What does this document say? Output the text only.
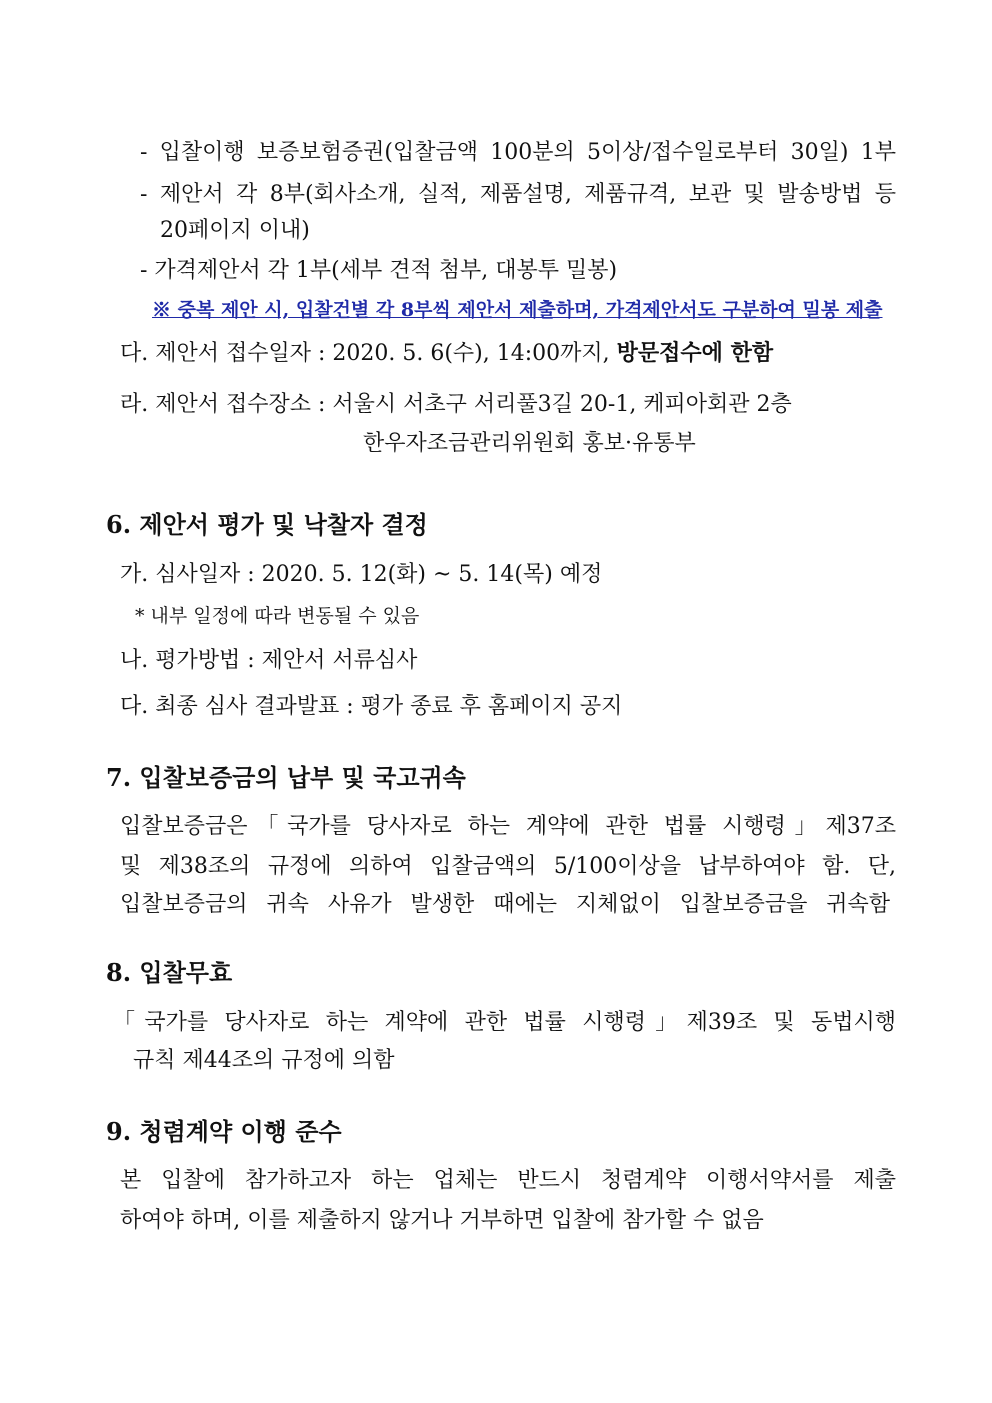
- 입찰이행 보증보험증권(입찰금액 100분의 5이상/접수일로부터 30일) 1부
- 제안서 각 8부(회사소개, 실적, 제품설명, 제품규격, 보관 및 발송방법 등
20페이지 이내)
- 가격제안서 각 1부(세부 견적 첨부, 대봉투 밀봉)
※ 중복 제안 시, 입찰건별 각 8부씩 제안서 제출하며, 가격제안서도 구분하여 밀봉 제출
다. 제안서 접수일자 : 2020. 5. 6(수), 14:00까지, 방문접수에 한함
라. 제안서 접수장소 : 서울시 서초구 서리풀3길 20-1, 케피아회관 2층
한우자조금관리위원회 홍보·유통부
6. 제안서 평가 및 낙찰자 결정
가. 심사일자 : 2020. 5. 12(화) ~ 5. 14(목) 예정
* 내부 일정에 따라 변동될 수 있음
나. 평가방법 : 제안서 서류심사
다. 최종 심사 결과발표 : 평가 종료 후 홈페이지 공지
7. 입찰보증금의 납부 및 국고귀속
입찰보증금은「국가를 당사자로 하는 계약에 관한 법률 시행령」제37조
및 제38조의 규정에 의하여 입찰금액의 5/100이상을 납부하여야 함. 단,
입찰보증금의 귀속 사유가 발생한 때에는 지체없이 입찰보증금을 귀속함
8. 입찰무효
「국가를 당사자로 하는 계약에 관한 법률 시행령」제39조 및 동법시행
규칙 제44조의 규정에 의함
9. 청렴계약 이행 준수
본 입찰에 참가하고자 하는 업체는 반드시 청렴계약 이행서약서를 제출
하여야 하며, 이를 제출하지 않거나 거부하면 입찰에 참가할 수 없음
